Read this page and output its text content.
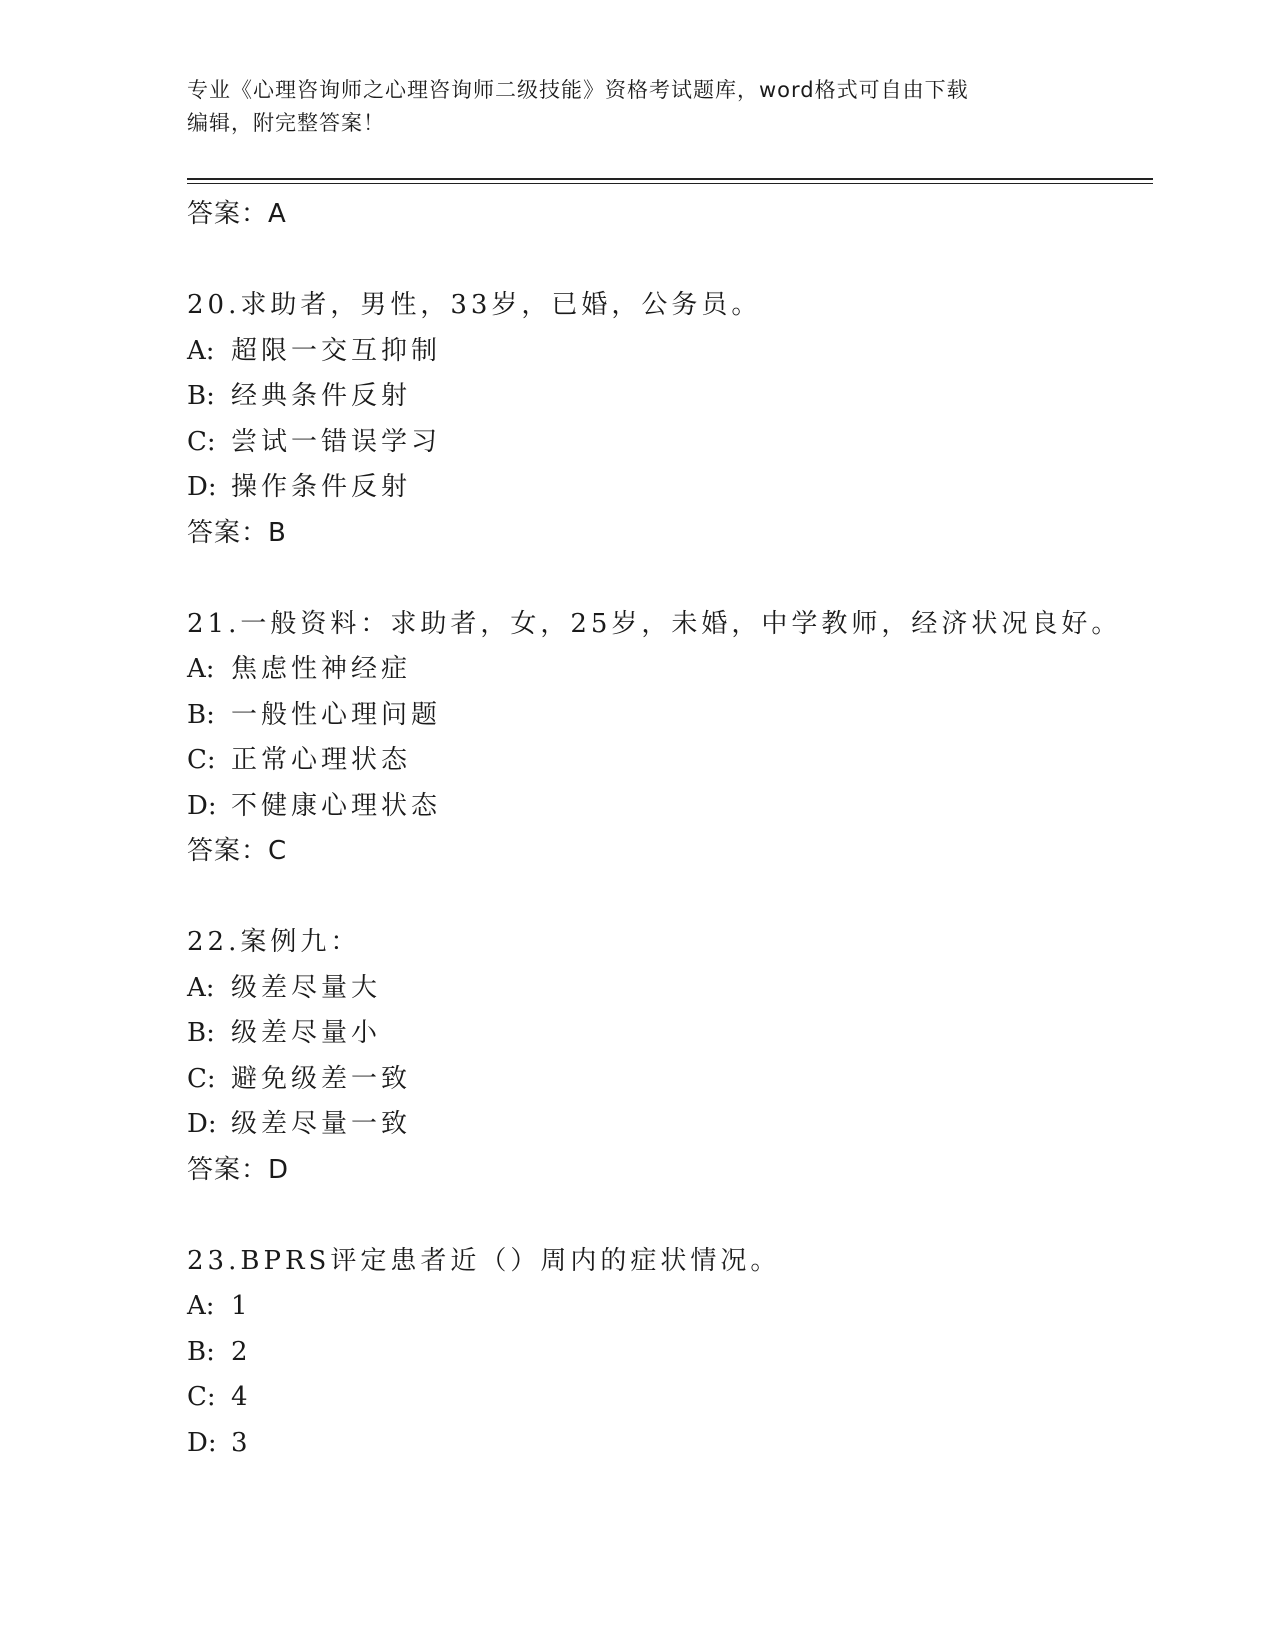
专业《心理咨询师之心理咨询师二级技能》资格考试题库，word格式可自由下载
编辑，附完整答案！
答案：A
20.求助者，男性，33岁，已婚，公务员。
A: 超限一交互抑制
B: 经典条件反射
C: 尝试一错误学习
D: 操作条件反射
答案：B
21.一般资料：求助者，女，25岁，未婚，中学教师，经济状况良好。
A: 焦虑性神经症
B: 一般性心理问题
C: 正常心理状态
D: 不健康心理状态
答案：C
22.案例九：
A: 级差尽量大
B: 级差尽量小
C: 避免级差一致
D: 级差尽量一致
答案：D
23.BPRS评定患者近（）周内的症状情况。
A: 1
B: 2
C: 4
D: 3
